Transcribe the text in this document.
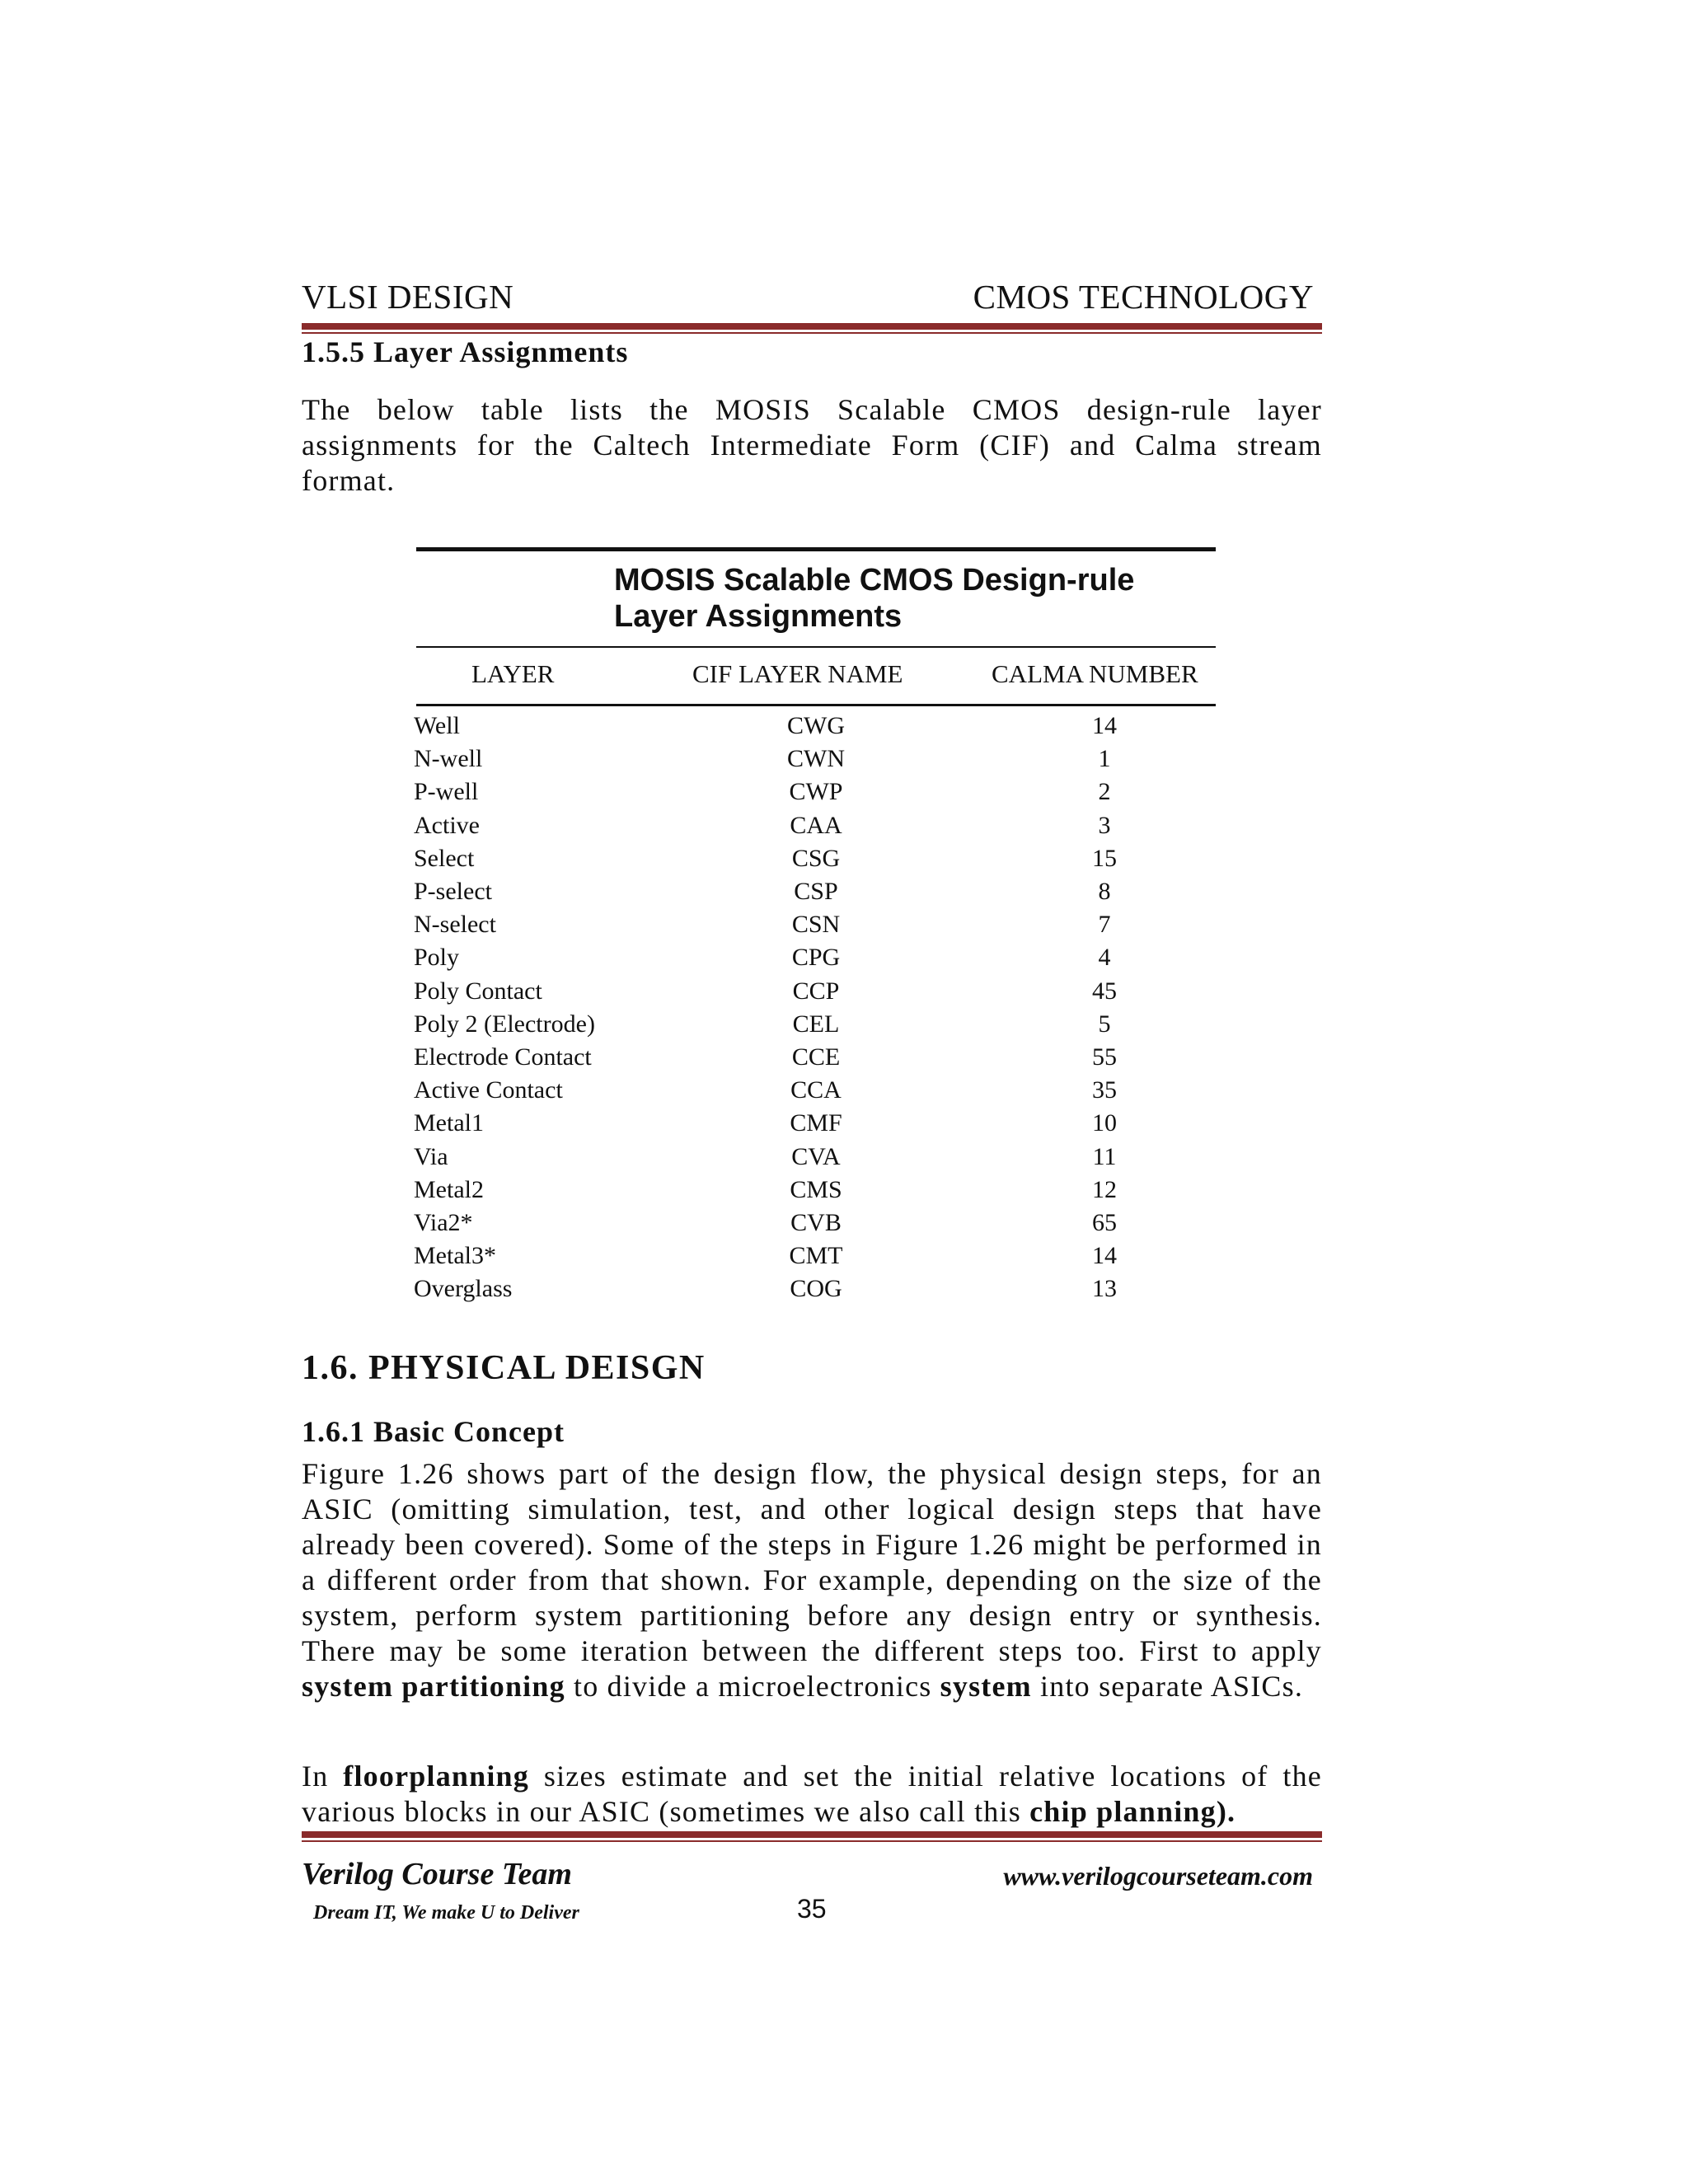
VLSI DESIGN	CMOS TECHNOLOGY
1.5.5 Layer Assignments
The below table lists the MOSIS Scalable CMOS design-rule layer assignments for the Caltech Intermediate Form (CIF) and Calma stream format.
MOSIS Scalable CMOS Design-rule
Layer Assignments
LAYER	CIF LAYER NAME	CALMA NUMBER
Well	CWG	14
N-well	CWN	1
P-well	CWP	2
Active	CAA	3
Select	CSG	15
P-select	CSP	8
N-select	CSN	7
Poly	CPG	4
Poly Contact	CCP	45
Poly 2 (Electrode)	CEL	5
Electrode Contact	CCE	55
Active Contact	CCA	35
Metal1	CMF	10
Via	CVA	11
Metal2	CMS	12
Via2*	CVB	65
Metal3*	CMT	14
Overglass	COG	13
1.6. PHYSICAL DEISGN
1.6.1 Basic Concept
Figure 1.26 shows part of the design flow, the physical design steps, for an ASIC (omitting simulation, test, and other logical design steps that have already been covered). Some of the steps in Figure 1.26 might be performed in a different order from that shown. For example, depending on the size of the system, perform system partitioning before any design entry or synthesis. There may be some iteration between the different steps too. First to apply system partitioning to divide a microelectronics system into separate ASICs.
In floorplanning sizes estimate and set the initial relative locations of the various blocks in our ASIC (sometimes we also call this chip planning).
Verilog Course Team	www.verilogcourseteam.com
Dream IT, We make U to Deliver	35
